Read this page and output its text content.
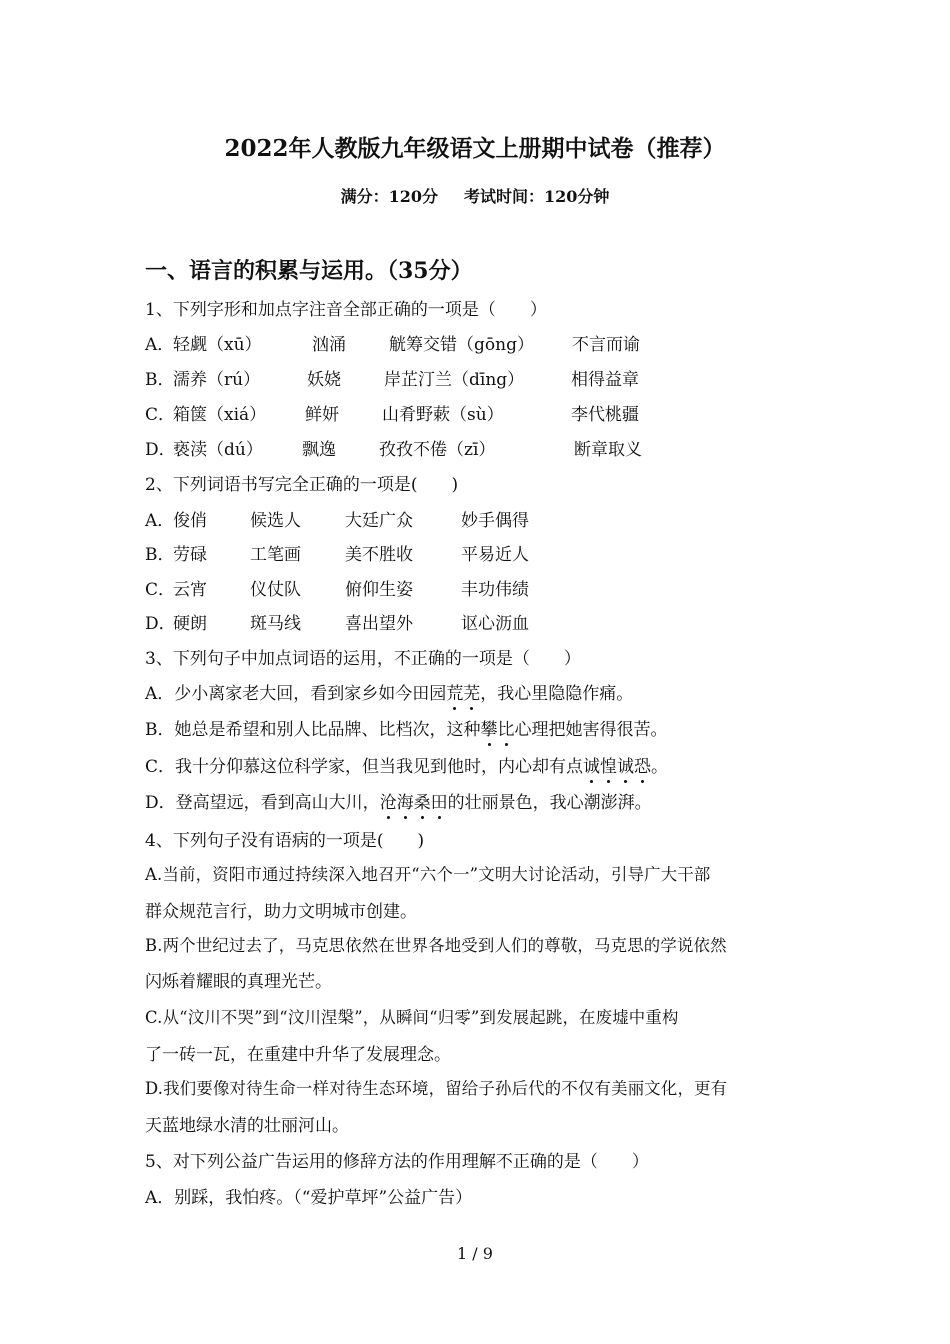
2022年人教版九年级语文上册期中试卷（推荐）
满分：120分 考试时间：120分钟
一、语言的积累与运用。（35分）
1、下列字形和加点字注音全部正确的一项是（　　）
A．轻觑（xū）	汹涌	觥筹交错（gōng） 不言而谕
B．濡养（rú）	妖娆	岸芷汀兰（dīng）	相得益章
C．箱箧（xiá） 鲜妍	山肴野蔌（sù）	李代桃疆
D．亵渎（dú） 飘逸	孜孜不倦（zī）	断章取义
2、下列词语书写完全正确的一项是(　　)
A．俊俏	候选人	大廷广众	妙手偶得
B．劳碌	工笔画	美不胜收	平易近人
C．云宵	仪仗队	俯仰生姿	丰功伟绩
D．硬朗	斑马线	喜出望外	讴心沥血
3、下列句子中加点词语的运用，不正确的一项是（　　）
A．少小离家老大回，看到家乡如今田园荒芜，我心里隐隐作痛。
B．她总是希望和别人比品牌、比档次，这种攀比心理把她害得很苦。
C．我十分仰慕这位科学家，但当我见到他时，内心却有点诚惶诚恐。
D．登高望远，看到高山大川，沧海桑田的壮丽景色，我心潮澎湃。
4、下列句子没有语病的一项是(　　)
A.当前，资阳市通过持续深入地召开“六个一”文明大讨论活动，引导广大干部
群众规范言行，助力文明城市创建。
B.两个世纪过去了，马克思依然在世界各地受到人们的尊敬，马克思的学说依然
闪烁着耀眼的真理光芒。
C.从“汶川不哭”到“汶川涅槃”，从瞬间“归零”到发展起跳，在废墟中重构
了一砖一瓦，在重建中升华了发展理念。
D.我们要像对待生命一样对待生态环境，留给子孙后代的不仅有美丽文化，更有
天蓝地绿水清的壮丽河山。
5、对下列公益广告运用的修辞方法的作用理解不正确的是（　　）
A．别踩，我怕疼。（“爱护草坪”公益广告）
1 / 9
